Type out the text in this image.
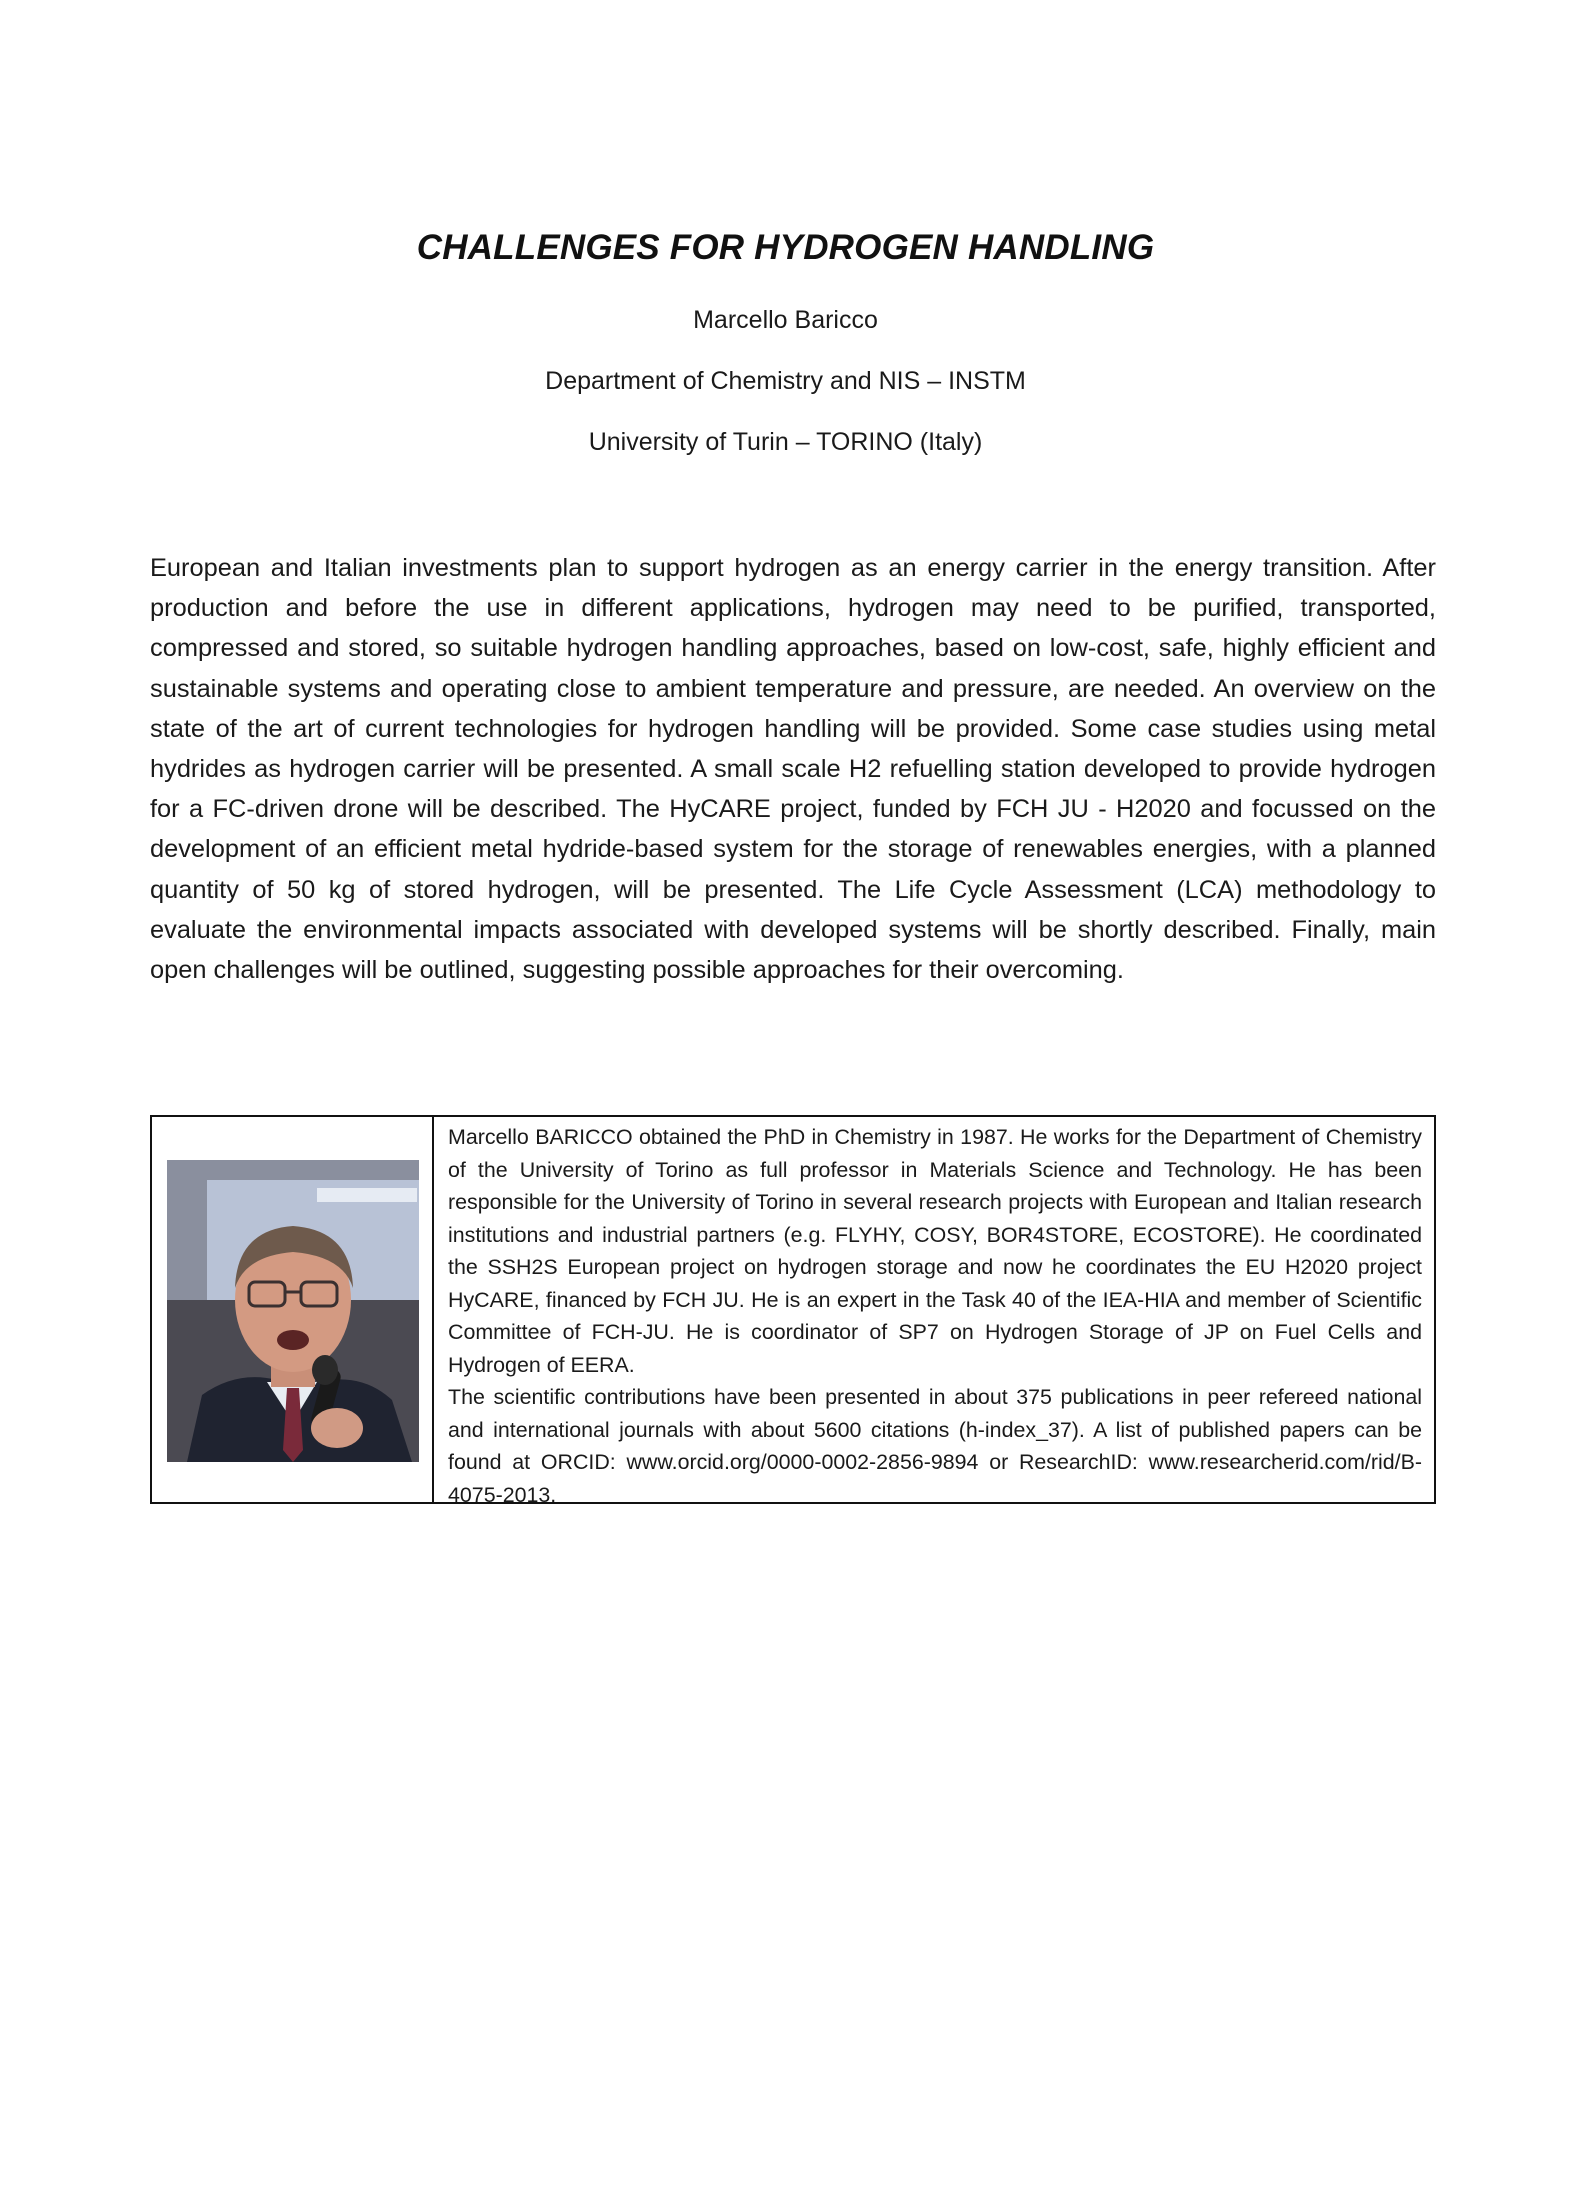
CHALLENGES FOR HYDROGEN HANDLING
Marcello Baricco
Department of Chemistry and NIS – INSTM
University of Turin – TORINO (Italy)

European and Italian investments plan to support hydrogen as an energy carrier in the energy transition. After production and before the use in different applications, hydrogen may need to be purified, transported, compressed and stored, so suitable hydrogen handling approaches, based on low-cost, safe, highly efficient and sustainable systems and operating close to ambient temperature and pressure, are needed. An overview on the state of the art of current technologies for hydrogen handling will be provided. Some case studies using metal hydrides as hydrogen carrier will be presented. A small scale H2 refuelling station developed to provide hydrogen for a FC-driven drone will be described. The HyCARE project, funded by FCH JU - H2020 and focussed on the development of an efficient metal hydride-based system for the storage of renewables energies, with a planned quantity of 50 kg of stored hydrogen, will be presented. The Life Cycle Assessment (LCA) methodology to evaluate the environmental impacts associated with developed systems will be shortly described. Finally, main open challenges will be outlined, suggesting possible approaches for their overcoming.

Marcello BARICCO obtained the PhD in Chemistry in 1987. He works for the Department of Chemistry of the University of Torino as full professor in Materials Science and Technology. He has been responsible for the University of Torino in several research projects with European and Italian research institutions and industrial partners (e.g. FLYHY, COSY, BOR4STORE, ECOSTORE). He coordinated the SSH2S European project on hydrogen storage and now he coordinates the EU H2020 project HyCARE, financed by FCH JU. He is an expert in the Task 40 of the IEA-HIA and member of Scientific Committee of FCH-JU. He is coordinator of SP7 on Hydrogen Storage of JP on Fuel Cells and Hydrogen of EERA.

The scientific contributions have been presented in about 375 publications in peer refereed national and international journals with about 5600 citations (h-index_37). A list of published papers can be found at ORCID: www.orcid.org/0000-0002-2856-9894 or ResearchID: www.researcherid.com/rid/B-4075-2013.
